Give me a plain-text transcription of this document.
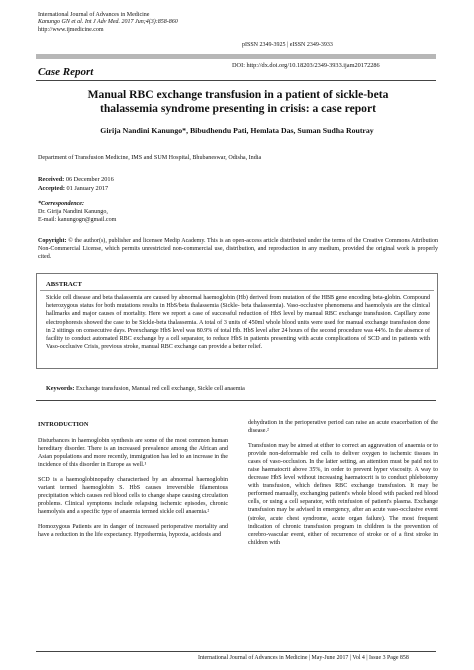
International Journal of Advances in Medicine
Kanungo GN et al. Int J Adv Med. 2017 Jun;4(3):858-860
http://www.ijmedicine.com
pISSN 2349-3925 | eISSN 2349-3933
Case Report
DOI: http://dx.doi.org/10.18203/2349-3933.ijam20172286
Manual RBC exchange transfusion in a patient of sickle-beta
thalassemia syndrome presenting in crisis: a case report
Girija Nandini Kanungo*, Bibudhendu Pati, Hemlata Das, Suman Sudha Routray
Department of Transfusion Medicine, IMS and SUM Hospital, Bhubaneswar, Odisha, India
Received: 06 December 2016
Accepted: 01 January 2017
*Correspondence:
Dr. Girija Nandini Kanungo,
E-mail: kanungogn@gmail.com
Copyright: © the author(s), publisher and licensee Medip Academy. This is an open-access article distributed under the terms of the Creative Commons Attribution Non-Commercial License, which permits unrestricted non-commercial use, distribution, and reproduction in any medium, provided the original work is properly cited.
ABSTRACT
Sickle cell disease and beta thalassemia are caused by abnormal haemoglobin (Hb) derived from mutation of the HBB gene encoding beta-globin. Compound heterozygous status for both mutations results in HbS/beta thalassemia (Sickle- beta thalassemia). Vaso-occlusive phenomena and haemolysis are the clinical hallmarks and major causes of mortality. Here we report a case of successful reduction of HbS level by manual RBC exchange transfusion. Capillary zone electrophoresis showed the case to be Sickle-beta thalassemia. A total of 3 units of 450ml whole blood units were used for manual exchange transfusion done in 2 sittings on consecutive days. Preexchange HbS level was 80.9% of total Hb. HbS level after 24 hours of the second procedure was 44%. In the absence of facility to conduct automated RBC exchange by a cell separator, to reduce HbS in patients presenting with acute complications of SCD and in patients with Vaso-occlusive Crisis, previous stroke, manual RBC exchange can provide a better relief.
Keywords: Exchange transfusion, Manual red cell exchange, Sickle cell anaemia
INTRODUCTION
Disturbances in haemoglobin synthesis are some of the most common human hereditary disorder. There is an increased prevalence among the African and Asian populations and more recently, immigration has led to an increase in the incidence of this disorder in Europe as well.¹
SCD is a haemoglobinopathy characterised by an abnormal haemoglobin variant termed haemoglobin S. HbS causes irreversible filamentous precipitation which causes red blood cells to change shape causing circulation problems. Clinical symptoms include relapsing ischemic episodes, chronic haemolysis and a specific type of anaemia termed sickle cell anaemia.²
Homozygous Patients are in danger of increased perioperative mortality and have a reduction in the life expectancy. Hypothermia, hypoxia, acidosis and
dehydration in the perioperative period can raise an acute exacerbation of the disease.²
Transfusion may be aimed at either to correct an aggravation of anaemia or to provide non-deformable red cells to deliver oxygen to ischemic tissues in cases of vaso-occlusion. In the latter setting, an attention must be paid not to raise haematocrit above 35%, in order to prevent hyper viscosity. A way to decrease HbS level without increasing haematocrit is to conduct phlebotomy with transfusion, which defines RBC exchange transfusion. It may be performed manually, exchanging patient's whole blood with packed red blood cells, or using a cell separator, with reinfusion of patient's plasma. Exchange transfusion may be advised in emergency, after an acute vaso-occlusive event (stroke, acute chest syndrome, acute organ failure). The most frequent indication of chronic transfusion program in children is the prevention of cerebro-vascular event, either of recurrence of stroke or of a first stroke in children with
International Journal of Advances in Medicine | May-June 2017 | Vol 4 | Issue 3 Page 858
